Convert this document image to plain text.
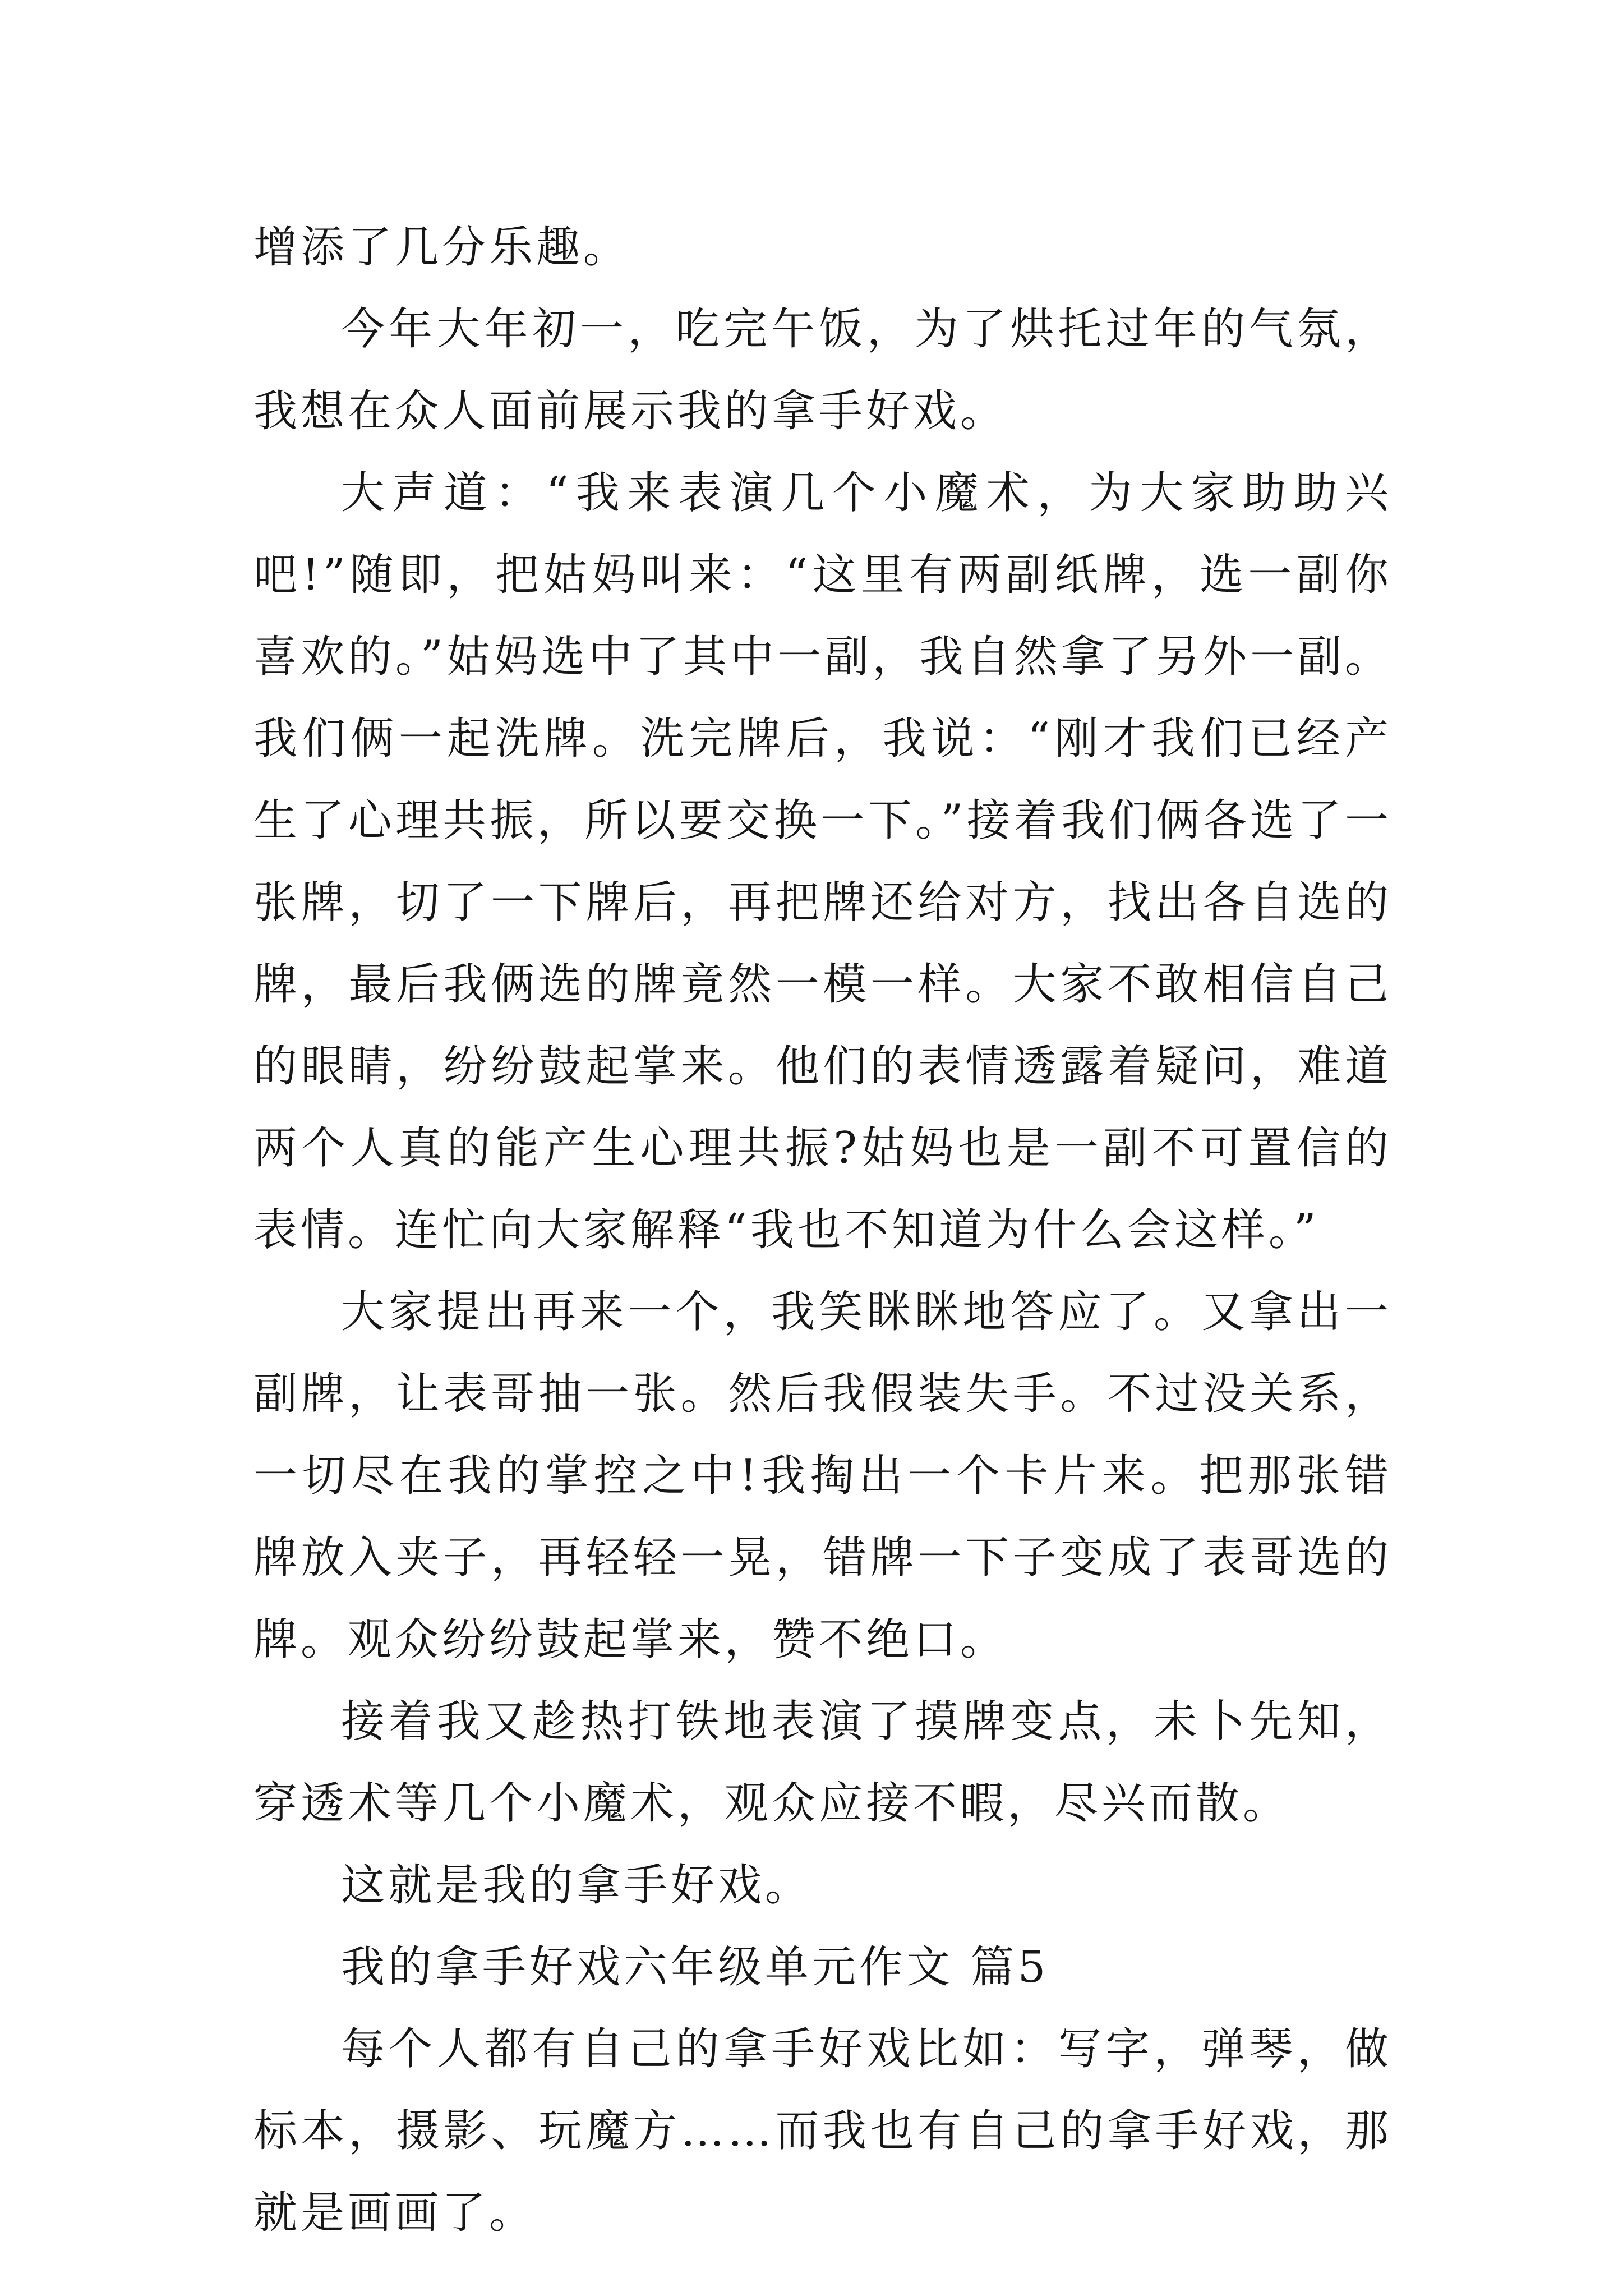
增添了几分乐趣。

今年大年初一，吃完午饭，为了烘托过年的气氛，我想在众人面前展示我的拿手好戏。

大声道：“我来表演几个小魔术，为大家助助兴吧!”随即，把姑妈叫来：“这里有两副纸牌，选一副你喜欢的。”姑妈选中了其中一副，我自然拿了另外一副。我们俩一起洗牌。洗完牌后，我说：“刚才我们已经产生了心理共振，所以要交换一下。”接着我们俩各选了一张牌，切了一下牌后，再把牌还给对方，找出各自选的牌，最后我俩选的牌竟然一模一样。大家不敢相信自己的眼睛，纷纷鼓起掌来。他们的表情透露着疑问，难道两个人真的能产生心理共振?姑妈也是一副不可置信的表情。连忙向大家解释“我也不知道为什么会这样。”

大家提出再来一个，我笑眯眯地答应了。又拿出一副牌，让表哥抽一张。然后我假装失手。不过没关系，一切尽在我的掌控之中!我掏出一个卡片来。把那张错牌放入夹子，再轻轻一晃，错牌一下子变成了表哥选的牌。观众纷纷鼓起掌来，赞不绝口。

接着我又趁热打铁地表演了摸牌变点，未卜先知，穿透术等几个小魔术，观众应接不暇，尽兴而散。

这就是我的拿手好戏。

我的拿手好戏六年级单元作文 篇5

每个人都有自己的拿手好戏比如：写字，弹琴，做标本，摄影、玩魔方……而我也有自己的拿手好戏，那就是画画了。
